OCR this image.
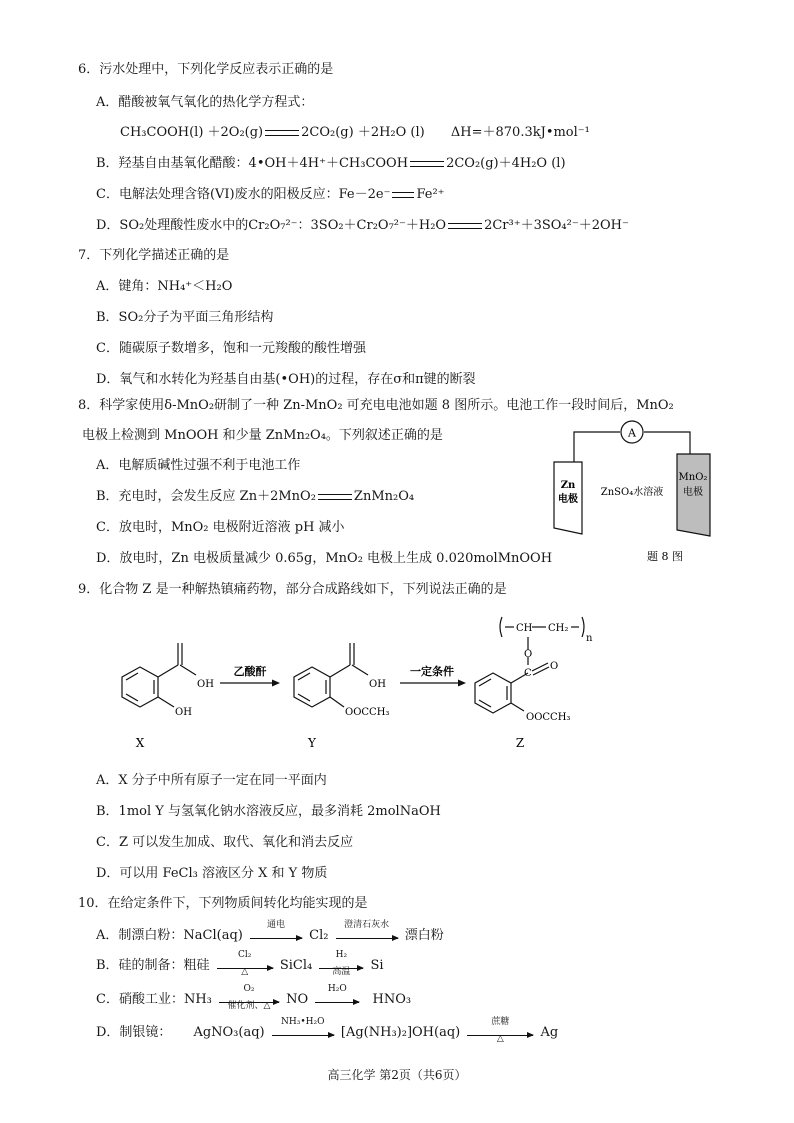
6．污水处理中，下列化学反应表示正确的是
A．醋酸被氧气氧化的热化学方程式：
CH₃COOH(l) ＋2O₂(g)	2CO₂(g) ＋2H₂O (l) ΔH=＋870.3kJ•mol⁻¹
B．羟基自由基氧化醋酸：4•OH＋4H⁺＋CH₃COOH	2CO₂(g)＋4H₂O (l)
C．电解法处理含铬(VI)废水的阳极反应：Fe－2e⁻ Fe²⁺
D．SO₂处理酸性废水中的Cr₂O₇²⁻：3SO₂＋Cr₂O₇²⁻＋H₂O	2Cr³⁺＋3SO₄²⁻＋2OH⁻
7．下列化学描述正确的是
A．键角：NH₄⁺＜H₂O
B．SO₂分子为平面三角形结构
C．随碳原子数增多，饱和一元羧酸的酸性增强
D．氧气和水转化为羟基自由基(•OH)的过程，存在σ和π键的断裂
8．科学家使用δ-MnO₂研制了一种 Zn-MnO₂ 可充电电池如题 8 图所示。电池工作一段时间后，MnO₂
电极上检测到 MnOOH 和少量 ZnMn₂O₄。下列叙述正确的是
A．电解质碱性过强不利于电池工作
B．充电时，会发生反应 Zn＋2MnO₂	ZnMn₂O₄
C．放电时，MnO₂ 电极附近溶液 pH 减小
D．放电时，Zn 电极质量减少 0.65g，MnO₂ 电极上生成 0.020molMnOOH
A
Zn
电极
ZnSO₄水溶液
MnO₂
电极
题 8 图
9．化合物 Z 是一种解热镇痛药物，部分合成路线如下，下列说法正确的是
OH
OH
X
乙酸酐
OH
OOCCH₃
Y
一定条件	C
O
O
CH CH₂
n
OOCCH₃
Z
A．X 分子中所有原子一定在同一平面内
B．1mol Y 与氢氧化钠水溶液反应，最多消耗 2molNaOH
C．Z 可以发生加成、取代、氧化和消去反应
D．可以用 FeCl₃ 溶液区分 X 和 Y 物质
10．在给定条件下，下列物质间转化均能实现的是
A．制漂白粉：NaCl(aq)
通电
Cl₂
澄清石灰水
漂白粉
B．硅的制备：粗硅
Cl₂
△	SiCl₄
H₂
高温	Si
C．硝酸工业：NH₃
O₂
催化剂、△	NO
H₂O
HNO₃
D．制银镜： AgNO₃(aq)
NH₃•H₂O
[Ag(NH₃)₂]OH(aq)
蔗糖
△	Ag
高三化学 第2页（共6页）
